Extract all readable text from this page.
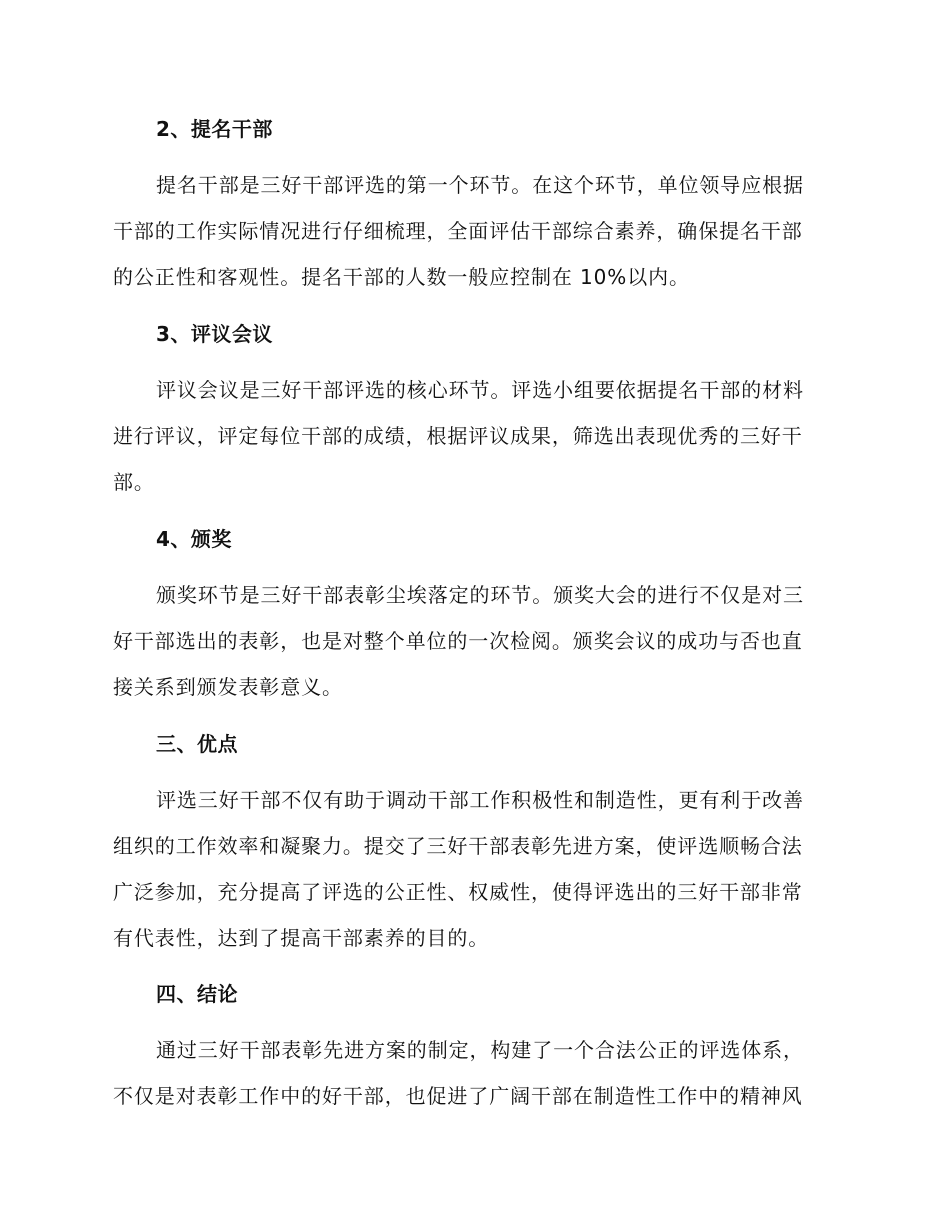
2、提名干部
提名干部是三好干部评选的第一个环节。在这个环节，单位领导应根据
干部的工作实际情况进行仔细梳理，全面评估干部综合素养，确保提名干部
的公正性和客观性。提名干部的人数一般应控制在 10%以内。
3、评议会议
评议会议是三好干部评选的核心环节。评选小组要依据提名干部的材料
进行评议，评定每位干部的成绩，根据评议成果，筛选出表现优秀的三好干
部。
4、颁奖
颁奖环节是三好干部表彰尘埃落定的环节。颁奖大会的进行不仅是对三
好干部选出的表彰，也是对整个单位的一次检阅。颁奖会议的成功与否也直
接关系到颁发表彰意义。
三、优点
评选三好干部不仅有助于调动干部工作积极性和制造性，更有利于改善
组织的工作效率和凝聚力。提交了三好干部表彰先进方案，使评选顺畅合法
广泛参加，充分提高了评选的公正性、权威性，使得评选出的三好干部非常
有代表性，达到了提高干部素养的目的。
四、结论
通过三好干部表彰先进方案的制定，构建了一个合法公正的评选体系，
不仅是对表彰工作中的好干部，也促进了广阔干部在制造性工作中的精神风
